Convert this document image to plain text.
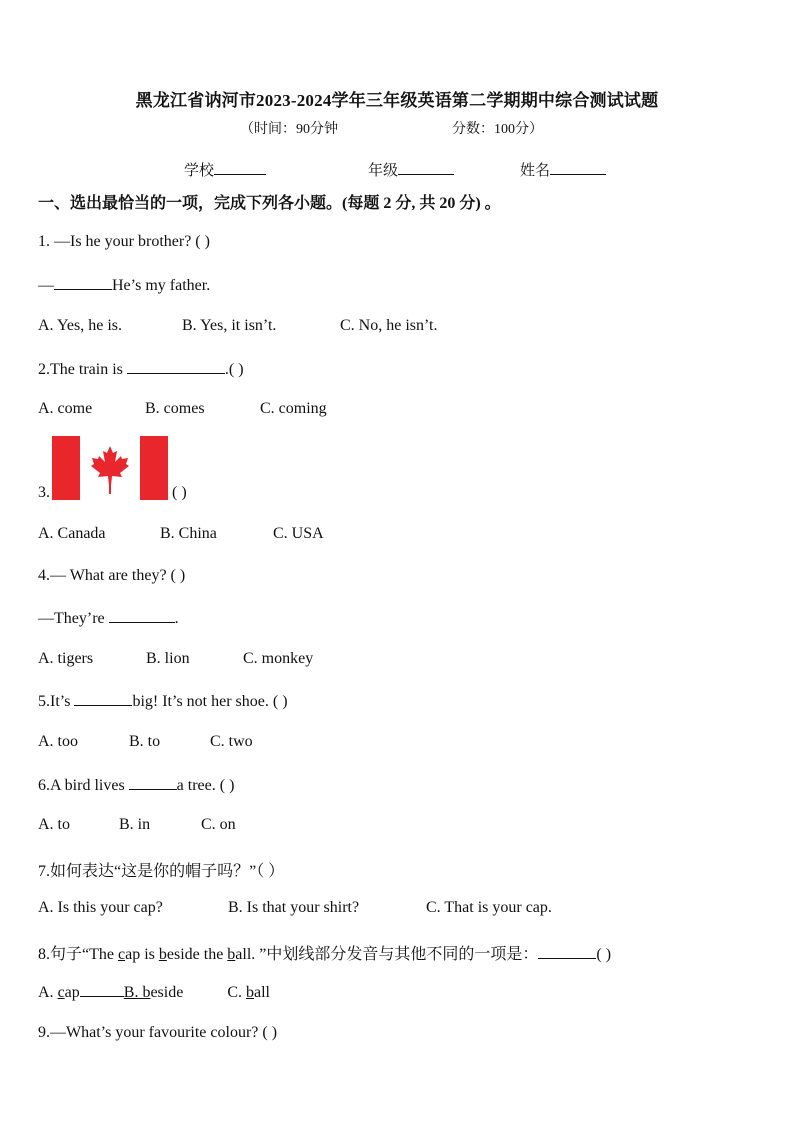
黑龙江省讷河市2023-2024学年三年级英语第二学期期中综合测试试题
（时间：90分钟	分数：100分）
学校	年级	姓名
一、选出最恰当的一项，完成下列各小题。(每题 2 分, 共 20 分) 。
1. —Is he your brother? ( )
—	He’s my father.
A. Yes, he is.	B. Yes, it isn’t.	C. No, he isn’t.
2.The train is	.( )
A. come	B. comes	C. coming
3.	( )
A. Canada	B. China	C. USA
4.— What are they? ( )
—They’re	.
A. tigers	B. lion	C. monkey
5.It’s	big! It’s not her shoe. ( )
A. too	B. to	C. two
6.A bird lives	a tree. ( )
A. to	B. in	C. on
7.如何表达“这是你的帽子吗？”（ ）
A. Is this your cap?	B. Is that your shirt?	C. That is your cap.
8.句子“The cap is beside the ball. ”中划线部分发音与其他不同的一项是：	( )
A. cap	B. beside	C. ball
9.—What’s your favourite colour? ( )
